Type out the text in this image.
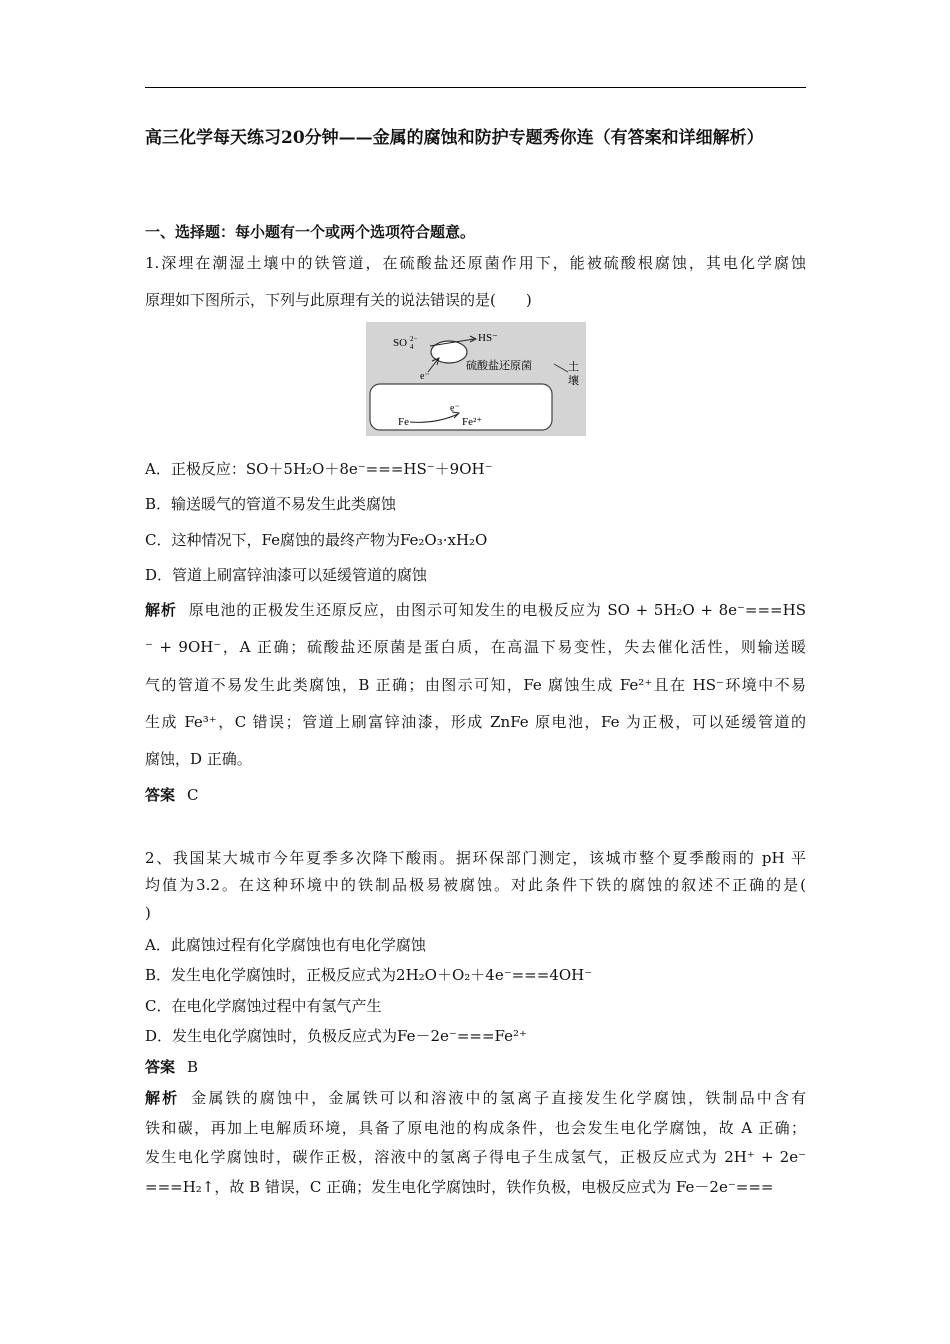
高三化学每天练习20分钟——金属的腐蚀和防护专题秀你连（有答案和详细解析）
一、选择题：每小题有一个或两个选项符合题意。
1.深埋在潮湿土壤中的铁管道，在硫酸盐还原菌作用下，能被硫酸根腐蚀，其电化学腐蚀
原理如下图所示，下列与此原理有关的说法错误的是(　　)
SO 2−
4
HS⁻
硫酸盐还原菌
e⁻
土
壤
Fe
e⁻
Fe²⁺
A．正极反应：SO＋5H₂O＋8e⁻===HS⁻＋9OH⁻
B．输送暖气的管道不易发生此类腐蚀
C．这种情况下，Fe腐蚀的最终产物为Fe₂O₃·xH₂O
D．管道上刷富锌油漆可以延缓管道的腐蚀
解析 原电池的正极发生还原反应，由图示可知发生的电极反应为 SO + 5H₂O + 8e⁻===HS
⁻ + 9OH⁻，A 正确；硫酸盐还原菌是蛋白质，在高温下易变性，失去催化活性，则输送暖
气的管道不易发生此类腐蚀，B 正确；由图示可知，Fe 腐蚀生成 Fe²⁺且在 HS⁻环境中不易
生成 Fe³⁺，C 错误；管道上刷富锌油漆，形成 ZnFe 原电池，Fe 为正极，可以延缓管道的
腐蚀，D 正确。
答案 C
2、我国某大城市今年夏季多次降下酸雨。据环保部门测定，该城市整个夏季酸雨的 pH 平
均值为3.2。在这种环境中的铁制品极易被腐蚀。对此条件下铁的腐蚀的叙述不正确的是(
)
A．此腐蚀过程有化学腐蚀也有电化学腐蚀
B．发生电化学腐蚀时，正极反应式为2H₂O＋O₂＋4e⁻===4OH⁻
C．在电化学腐蚀过程中有氢气产生
D．发生电化学腐蚀时，负极反应式为Fe－2e⁻===Fe²⁺
答案 B
解析 金属铁的腐蚀中，金属铁可以和溶液中的氢离子直接发生化学腐蚀，铁制品中含有
铁和碳，再加上电解质环境，具备了原电池的构成条件，也会发生电化学腐蚀，故 A 正确；
发生电化学腐蚀时，碳作正极，溶液中的氢离子得电子生成氢气，正极反应式为 2H⁺ + 2e⁻
===H₂↑，故 B 错误，C 正确；发生电化学腐蚀时，铁作负极，电极反应式为 Fe－2e⁻===
